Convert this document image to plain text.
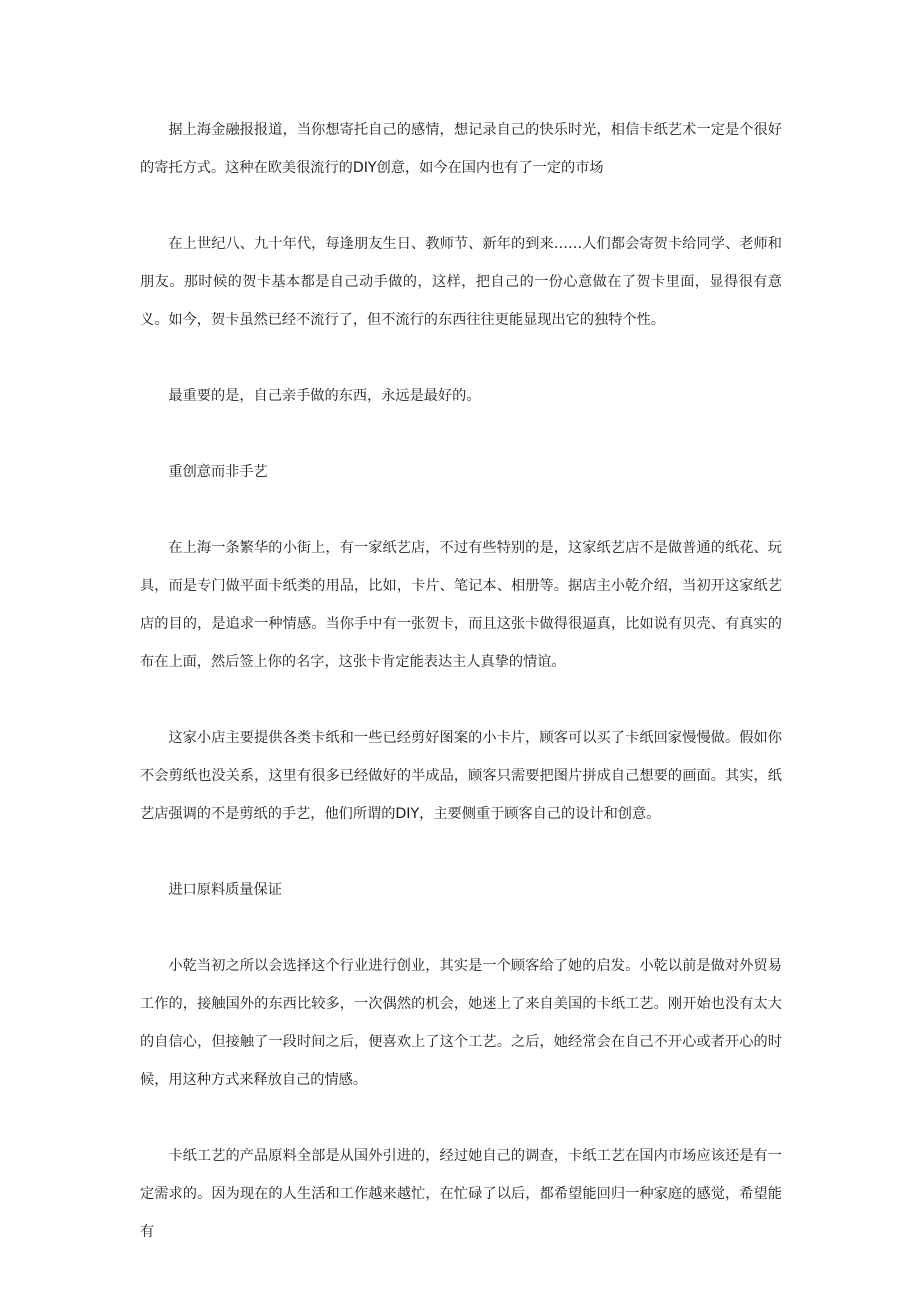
据上海金融报报道，当你想寄托自己的感情，想记录自己的快乐时光，相信卡纸艺术一定是个很好的寄托方式。这种在欧美很流行的DIY创意，如今在国内也有了一定的市场

在上世纪八、九十年代，每逢朋友生日、教师节、新年的到来……人们都会寄贺卡给同学、老师和朋友。那时候的贺卡基本都是自己动手做的，这样，把自己的一份心意做在了贺卡里面，显得很有意义。如今，贺卡虽然已经不流行了，但不流行的东西往往更能显现出它的独特个性。

最重要的是，自己亲手做的东西，永远是最好的。

重创意而非手艺

在上海一条繁华的小街上，有一家纸艺店，不过有些特别的是，这家纸艺店不是做普通的纸花、玩具，而是专门做平面卡纸类的用品，比如，卡片、笔记本、相册等。据店主小乾介绍，当初开这家纸艺店的目的，是追求一种情感。当你手中有一张贺卡，而且这张卡做得很逼真，比如说有贝壳、有真实的布在上面，然后签上你的名字，这张卡肯定能表达主人真挚的情谊。

这家小店主要提供各类卡纸和一些已经剪好图案的小卡片，顾客可以买了卡纸回家慢慢做。假如你不会剪纸也没关系，这里有很多已经做好的半成品，顾客只需要把图片拼成自己想要的画面。其实，纸艺店强调的不是剪纸的手艺，他们所谓的DIY，主要侧重于顾客自己的设计和创意。

进口原料质量保证

小乾当初之所以会选择这个行业进行创业，其实是一个顾客给了她的启发。小乾以前是做对外贸易工作的，接触国外的东西比较多，一次偶然的机会，她迷上了来自美国的卡纸工艺。刚开始也没有太大的自信心，但接触了一段时间之后，便喜欢上了这个工艺。之后，她经常会在自己不开心或者开心的时候，用这种方式来释放自己的情感。

卡纸工艺的产品原料全部是从国外引进的，经过她自己的调查，卡纸工艺在国内市场应该还是有一定需求的。因为现在的人生活和工作越来越忙，在忙碌了以后，都希望能回归一种家庭的感觉，希望能有
